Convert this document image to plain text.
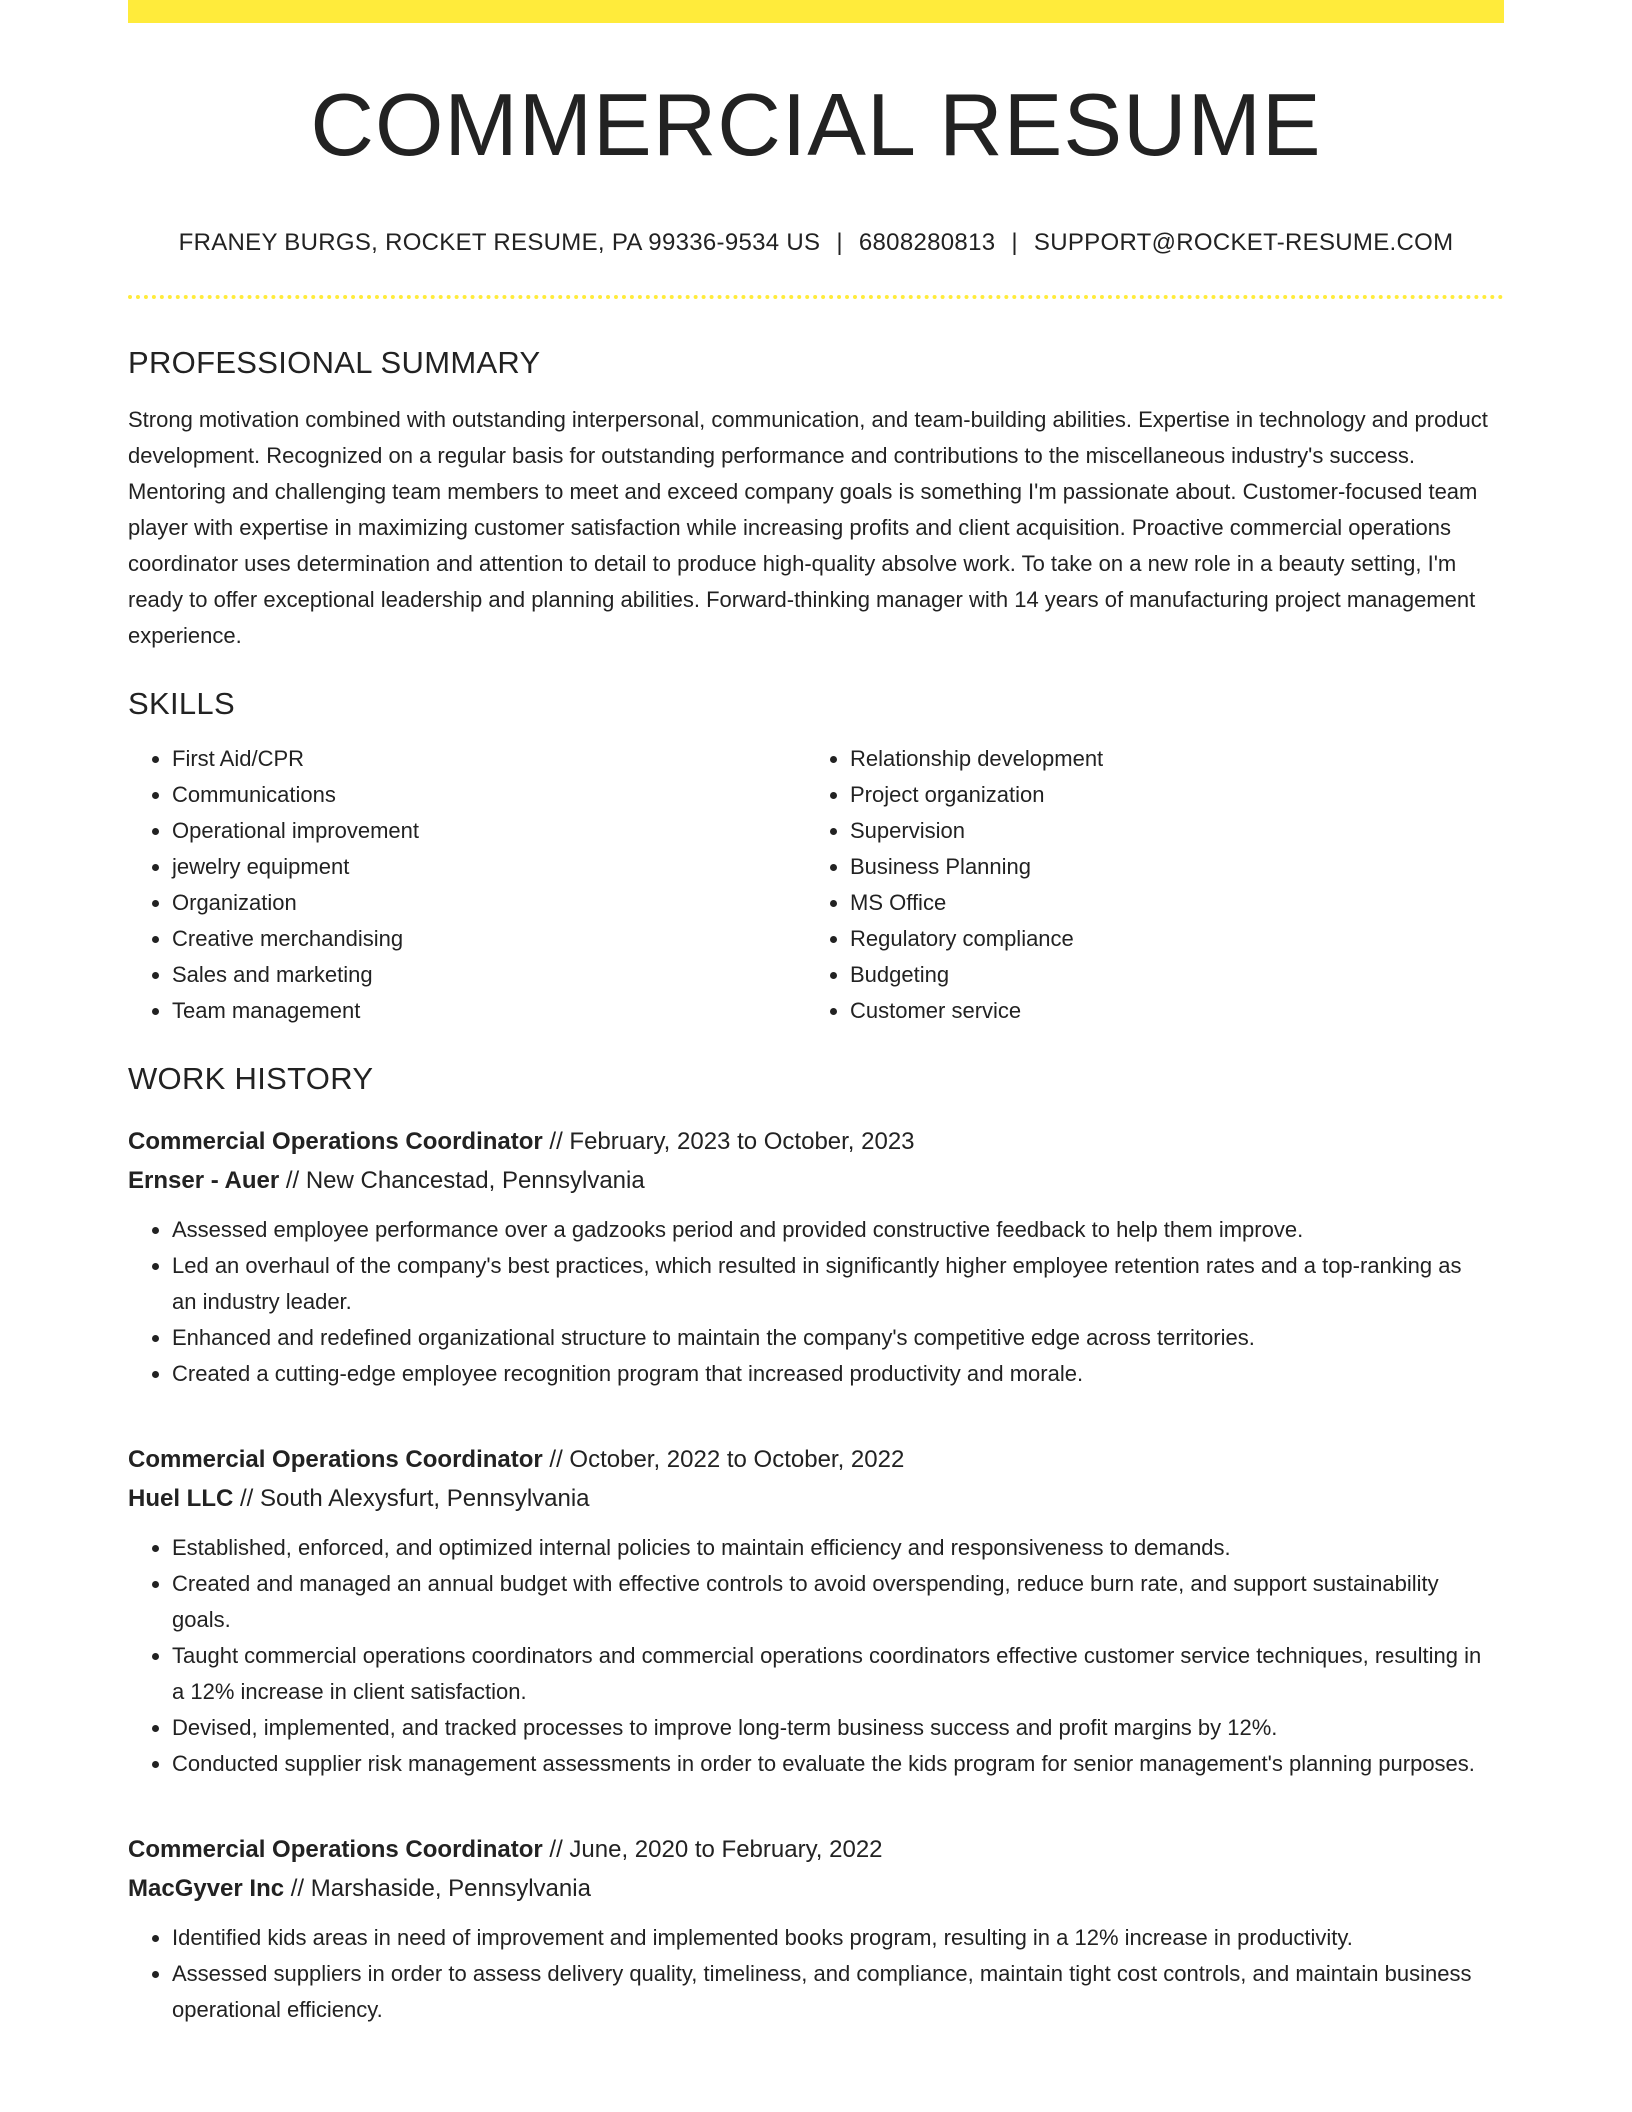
COMMERCIAL RESUME
FRANEY BURGS, ROCKET RESUME, PA 99336-9534 US | 6808280813 | SUPPORT@ROCKET-RESUME.COM
PROFESSIONAL SUMMARY

Strong motivation combined with outstanding interpersonal, communication, and team-building abilities. Expertise in technology and product development. Recognized on a regular basis for outstanding performance and contributions to the miscellaneous industry's success. Mentoring and challenging team members to meet and exceed company goals is something I'm passionate about. Customer-focused team player with expertise in maximizing customer satisfaction while increasing profits and client acquisition. Proactive commercial operations coordinator uses determination and attention to detail to produce high-quality absolve work. To take on a new role in a beauty setting, I'm ready to offer exceptional leadership and planning abilities. Forward-thinking manager with 14 years of manufacturing project management experience.

SKILLS
• First Aid/CPR
• Communications
• Operational improvement
• jewelry equipment
• Organization
• Creative merchandising
• Sales and marketing
• Team management
• Relationship development
• Project organization
• Supervision
• Business Planning
• MS Office
• Regulatory compliance
• Budgeting
• Customer service
WORK HISTORY
Commercial Operations Coordinator // February, 2023 to October, 2023
Ernser - Auer // New Chancestad, Pennsylvania
• Assessed employee performance over a gadzooks period and provided constructive feedback to help them improve.
• Led an overhaul of the company's best practices, which resulted in significantly higher employee retention rates and a top-ranking as an industry leader.
• Enhanced and redefined organizational structure to maintain the company's competitive edge across territories.
• Created a cutting-edge employee recognition program that increased productivity and morale.
Commercial Operations Coordinator // October, 2022 to October, 2022
Huel LLC // South Alexysfurt, Pennsylvania
• Established, enforced, and optimized internal policies to maintain efficiency and responsiveness to demands.
• Created and managed an annual budget with effective controls to avoid overspending, reduce burn rate, and support sustainability goals.
• Taught commercial operations coordinators and commercial operations coordinators effective customer service techniques, resulting in a 12% increase in client satisfaction.
• Devised, implemented, and tracked processes to improve long-term business success and profit margins by 12%.
• Conducted supplier risk management assessments in order to evaluate the kids program for senior management's planning purposes.
Commercial Operations Coordinator // June, 2020 to February, 2022
MacGyver Inc // Marshaside, Pennsylvania
• Identified kids areas in need of improvement and implemented books program, resulting in a 12% increase in productivity.
• Assessed suppliers in order to assess delivery quality, timeliness, and compliance, maintain tight cost controls, and maintain business operational efficiency.
